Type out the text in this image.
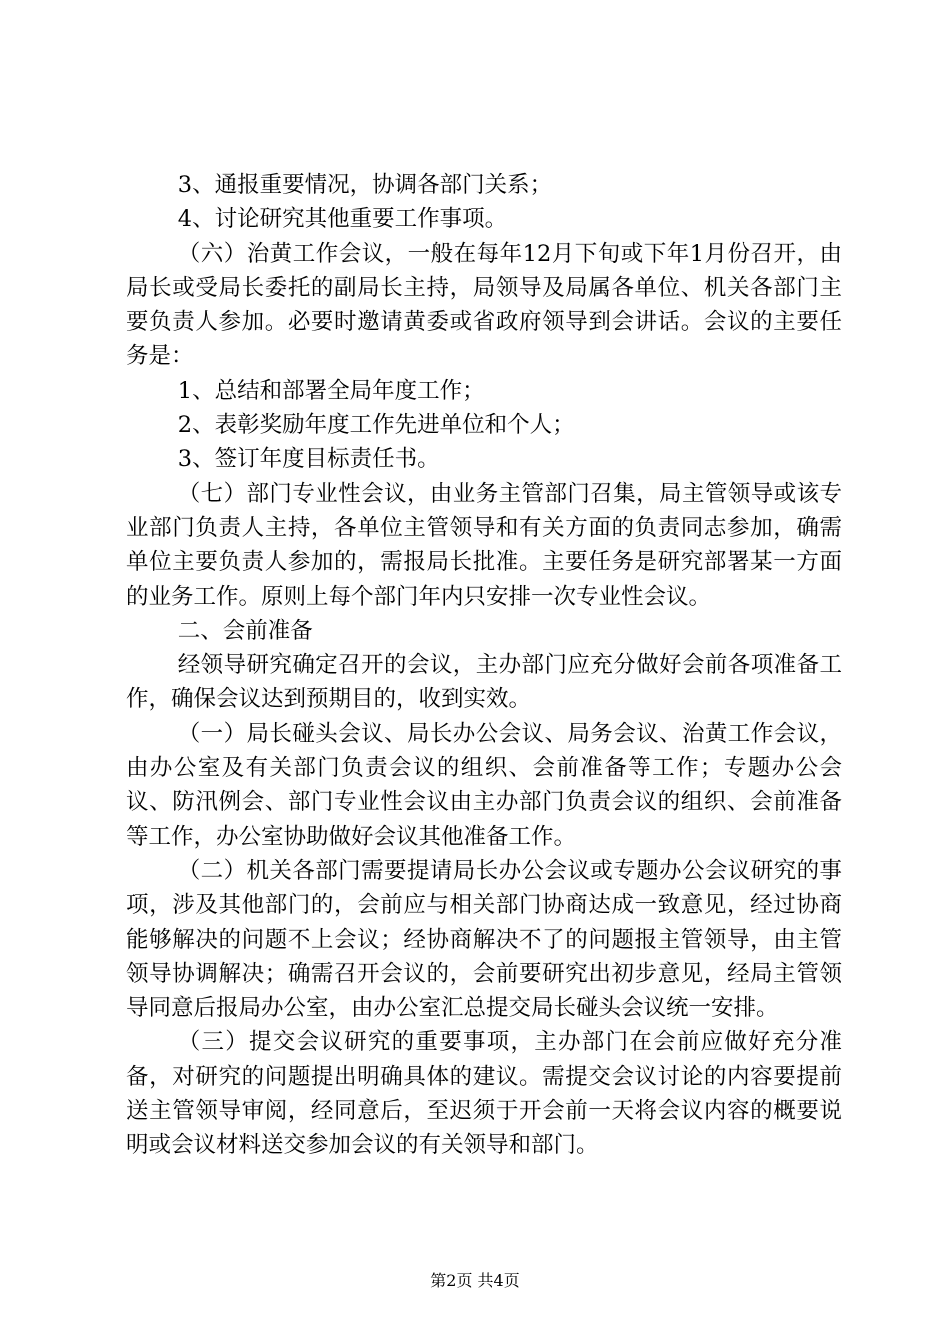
3、通报重要情况，协调各部门关系；

4、讨论研究其他重要工作事项。

（六）治黄工作会议，一般在每年12月下旬或下年1月份召开，由局长或受局长委托的副局长主持，局领导及局属各单位、机关各部门主要负责人参加。必要时邀请黄委或省政府领导到会讲话。会议的主要任务是：

1、总结和部署全局年度工作；

2、表彰奖励年度工作先进单位和个人；

3、签订年度目标责任书。

（七）部门专业性会议，由业务主管部门召集，局主管领导或该专业部门负责人主持，各单位主管领导和有关方面的负责同志参加，确需单位主要负责人参加的，需报局长批准。主要任务是研究部署某一方面的业务工作。原则上每个部门年内只安排一次专业性会议。

二、会前准备

经领导研究确定召开的会议，主办部门应充分做好会前各项准备工作，确保会议达到预期目的，收到实效。

（一）局长碰头会议、局长办公会议、局务会议、治黄工作会议，由办公室及有关部门负责会议的组织、会前准备等工作；专题办公会议、防汛例会、部门专业性会议由主办部门负责会议的组织、会前准备等工作，办公室协助做好会议其他准备工作。

（二）机关各部门需要提请局长办公会议或专题办公会议研究的事项，涉及其他部门的，会前应与相关部门协商达成一致意见，经过协商能够解决的问题不上会议；经协商解决不了的问题报主管领导，由主管领导协调解决；确需召开会议的，会前要研究出初步意见，经局主管领导同意后报局办公室，由办公室汇总提交局长碰头会议统一安排。

（三）提交会议研究的重要事项，主办部门在会前应做好充分准备，对研究的问题提出明确具体的建议。需提交会议讨论的内容要提前送主管领导审阅，经同意后，至迟须于开会前一天将会议内容的概要说明或会议材料送交参加会议的有关领导和部门。

第2页 共4页
